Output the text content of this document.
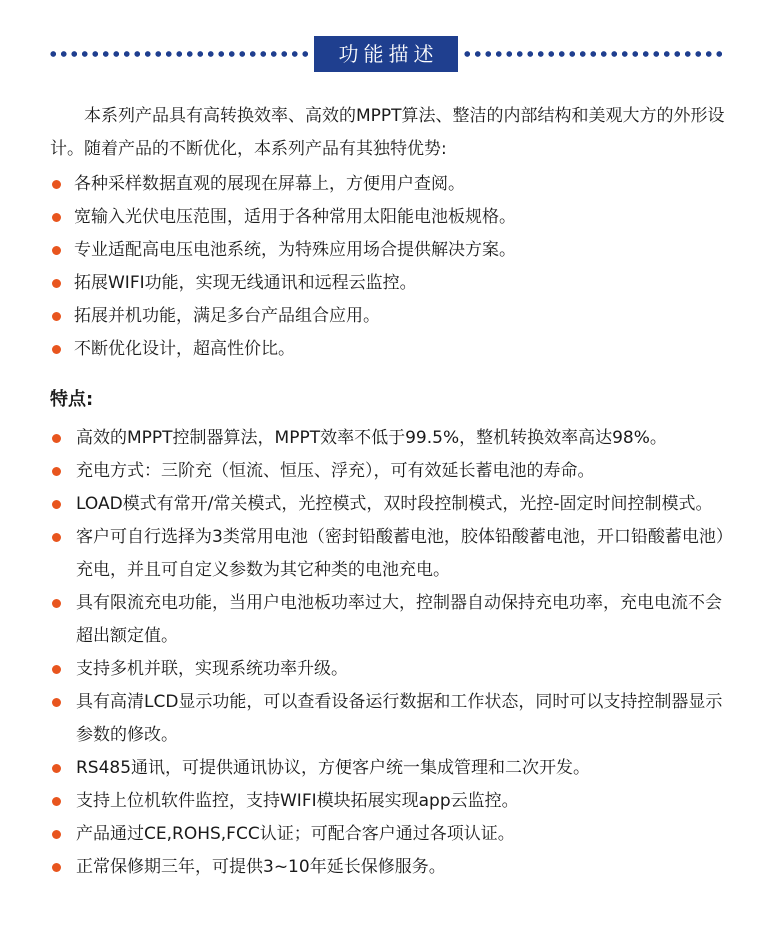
功能描述

本系列产品具有高转换效率、高效的MPPT算法、整洁的内部结构和美观大方的外形设计。随着产品的不断优化，本系列产品有其独特优势:

各种采样数据直观的展现在屏幕上，方便用户查阅。
宽输入光伏电压范围，适用于各种常用太阳能电池板规格。
专业适配高电压电池系统，为特殊应用场合提供解决方案。
拓展WIFI功能，实现无线通讯和远程云监控。
拓展并机功能，满足多台产品组合应用。
不断优化设计，超高性价比。
特点:
高效的MPPT控制器算法，MPPT效率不低于99.5%，整机转换效率高达98%。
充电方式：三阶充（恒流、恒压、浮充），可有效延长蓄电池的寿命。
LOAD模式有常开/常关模式，光控模式，双时段控制模式，光控-固定时间控制模式。
客户可自行选择为3类常用电池（密封铅酸蓄电池，胶体铅酸蓄电池，开口铅酸蓄电池）充电，并且可自定义参数为其它种类的电池充电。
具有限流充电功能，当用户电池板功率过大，控制器自动保持充电功率，充电电流不会超出额定值。
支持多机并联，实现系统功率升级。
具有高清LCD显示功能，可以查看设备运行数据和工作状态，同时可以支持控制器显示参数的修改。
RS485通讯，可提供通讯协议，方便客户统一集成管理和二次开发。
支持上位机软件监控，支持WIFI模块拓展实现app云监控。
产品通过CE,ROHS,FCC认证；可配合客户通过各项认证。
正常保修期三年，可提供3~10年延长保修服务。
